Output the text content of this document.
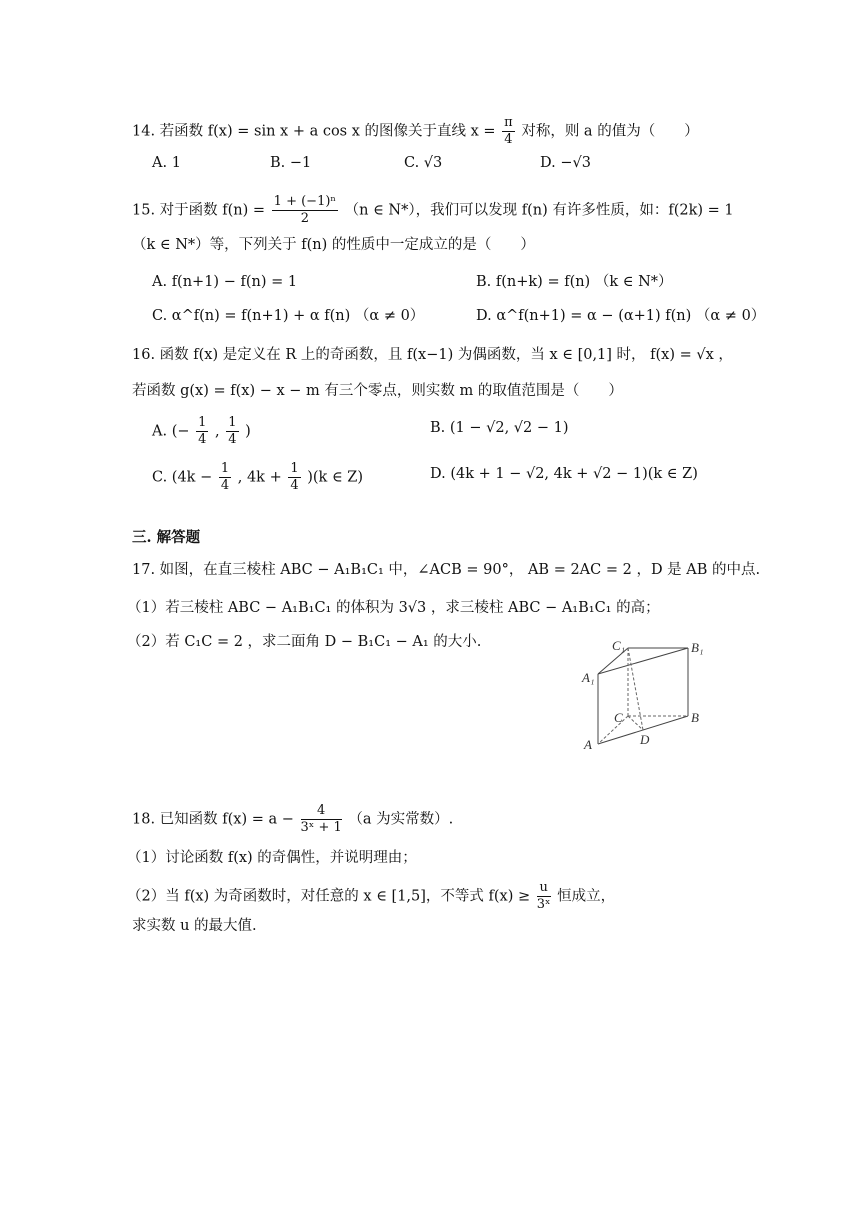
14. 若函数 f(x) = sin x + a cos x 的图像关于直线 $x = \frac{\pi}{4}$ 对称，则 a 的值为（　　）
A. 1	B. −1	C. √3	D. −√3
15. 对于函数 $f(n) = \frac{\text{1 + (−1)ⁿ}}{2} (n$ ∈ N*），我们可以发现 f(n) 有许多性质，如：f(2k) = 1
（k ∈ N*）等，下列关于 f(n) 的性质中一定成立的是（　　）
A. f(n+1) − f(n) = 1	B. f(n+k) = f(n) （k ∈ N*）
C. α^f(n) = f(n+1) + α f(n) （α ≠ 0）	D. α^f(n+1) = α − (α+1) f(n) （α ≠ 0）
16. 函数 f(x) 是定义在 R 上的奇函数，且 f(x−1) 为偶函数，当 x ∈ [0,1] 时， f(x) = √x ，
若函数 g(x) = f(x) − x − m 有三个零点，则实数 m 的取值范围是（　　）
A. (− $\frac{1}{4}$ , $\frac{1}{4}$ )	B. (1 − √2, √2 − 1)
C. ($4k - \frac{1}{4}$ , $4k + \frac{1}{4} )(k$ ∈ Z)	D. (4k + 1 − √2, 4k + √2 − 1)(k ∈ Z)
三. 解答题
17. 如图，在直三棱柱 ABC − A₁B₁C₁ 中，∠ACB = 90°， AB = 2AC = 2 ，D 是 AB 的中点.
（1）若三棱柱 ABC − A₁B₁C₁ 的体积为 3√3 ，求三棱柱 ABC − A₁B₁C₁ 的高；
（2）若 C₁C = 2 ，求二面角 D − B₁C₁ − A₁ 的大小.	C₁	B₁
A₁
C	B
A	D
18. 已知函数 $f(x) = a - \frac{4}{\text{3ˣ + 1}} (a$ 为实常数）.
（1）讨论函数 f(x) 的奇偶性，并说明理由；
（2）当 f(x) 为奇函数时，对任意的 x ∈ [1,5]，不等式 $f(x) \ge \frac{u}{\text{3ˣ}}$ 恒成立，
求实数 u 的最大值.
